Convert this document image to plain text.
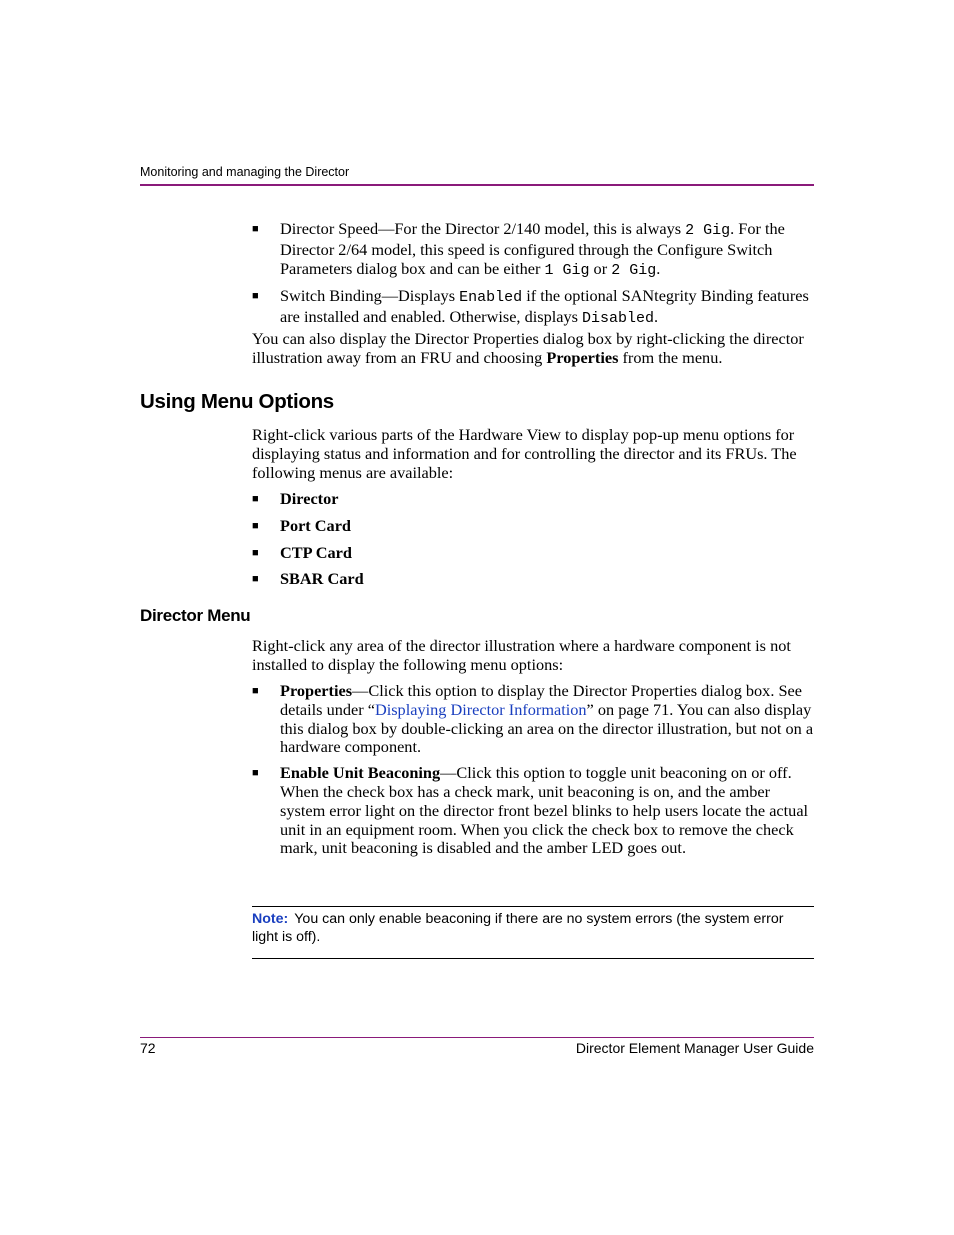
Monitoring and managing the Director
■ Director Speed—For the Director 2/140 model, this is always 2 Gig. For the Director 2/64 model, this speed is configured through the Configure Switch Parameters dialog box and can be either 1 Gig or 2 Gig.
■ Switch Binding—Displays Enabled if the optional SANtegrity Binding features are installed and enabled. Otherwise, displays Disabled.

You can also display the Director Properties dialog box by right-clicking the director illustration away from an FRU and choosing Properties from the menu.

Using Menu Options

Right-click various parts of the Hardware View to display pop-up menu options for displaying status and information and for controlling the director and its FRUs. The following menus are available:

■ Director
■ Port Card
■ CTP Card
■ SBAR Card
Director Menu

Right-click any area of the director illustration where a hardware component is not installed to display the following menu options:

■ Properties—Click this option to display the Director Properties dialog box. See details under “Displaying Director Information” on page 71. You can also display this dialog box by double-clicking an area on the director illustration, but not on a hardware component.
■ Enable Unit Beaconing—Click this option to toggle unit beaconing on or off. When the check box has a check mark, unit beaconing is on, and the amber system error light on the director front bezel blinks to help users locate the actual unit in an equipment room. When you click the check box to remove the check mark, unit beaconing is disabled and the amber LED goes out.
Note: You can only enable beaconing if there are no system errors (the system error light is off).
72	Director Element Manager User Guide
